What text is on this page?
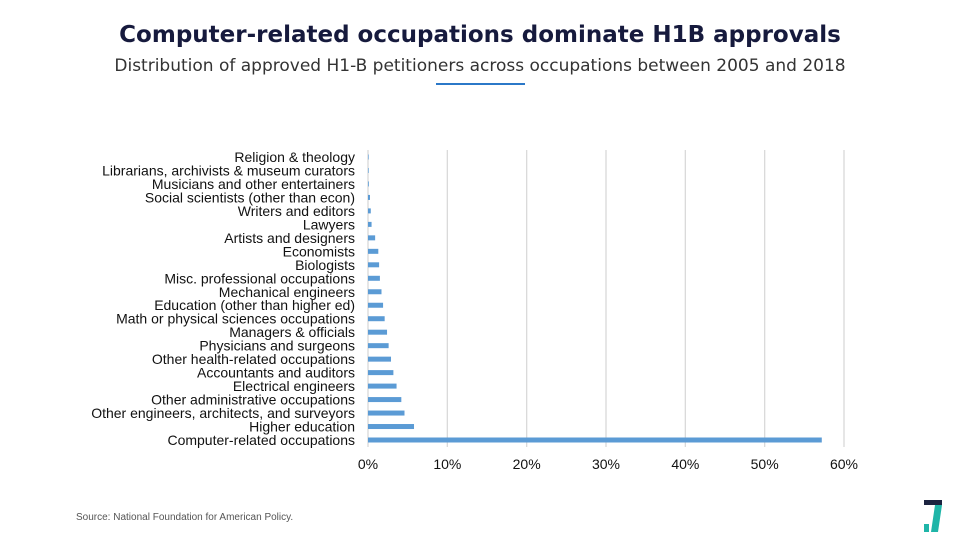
Computer-related occupations dominate H1B approvals
Distribution of approved H1-B petitioners across occupations between 2005 and 2018
0%	10%	20%	30%	40%	50%	60%
Religion & theology
Librarians, archivists & museum curators
Musicians and other entertainers
Social scientists (other than econ)
Writers and editors
Lawyers
Artists and designers
Economists
Biologists
Misc. professional occupations
Mechanical engineers
Education (other than higher ed)
Math or physical sciences occupations
Managers & officials
Physicians and surgeons
Other health-related occupations
Accountants and auditors
Electrical engineers
Other administrative occupations
Other engineers, architects, and surveyors
Higher education
Computer-related occupations
Source: National Foundation for American Policy.
